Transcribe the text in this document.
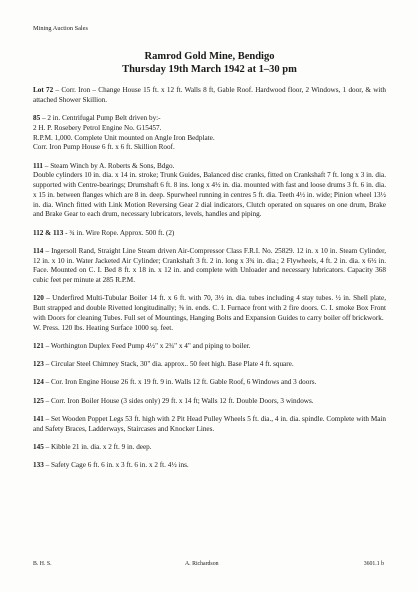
Mining Auction Sales
Ramrod Gold Mine, Bendigo
Thursday 19th March 1942 at 1–30 pm

Lot 72 – Corr. Iron – Change House 15 ft. x 12 ft. Walls 8 ft, Gable Roof. Hardwood floor, 2 Windows, 1 door, & with attached Shower Skillion.

85 – 2 in. Centrifugal Pump Belt driven by:-

2 H. P. Rosebery Petrol Engine No. G15457.

R.P.M. 1,000. Complete Unit mounted on Angle Iron Bedplate.

Corr. Iron Pump House 6 ft. x 6 ft. Skillion Roof.

111 – Steam Winch by A. Roberts & Sons, Bdgo.

Double cylinders 10 in. dia. x 14 in. stroke; Trunk Guides, Balanced disc cranks, fitted on Crankshaft 7 ft. long x 3 in. dia. supported with Centre-bearings; Drumshaft 6 ft. 8 ins. long x 4½ in. dia. mounted with fast and loose drums 3 ft. 6 in. dia. x 15 in. between flanges which are 8 in. deep. Spurwheel running in centres 5 ft. dia. Teeth 4½ in. wide; Pinion wheel 13½ in. dia. Winch fitted with Link Motion Reversing Gear 2 dial indicators, Clutch operated on squares on one drum, Brake and Brake Gear to each drum, necessary lubricators, levels, handles and piping.

112 & 113 - ¾ in. Wire Rope. Approx. 500 ft. (2)

114 – Ingersoll Rand, Straight Line Steam driven Air-Compressor Class F.R.I. No. 25829. 12 in. x 10 in. Steam Cylinder, 12 in. x 10 in. Water Jacketed Air Cylinder; Crankshaft 3 ft. 2 in. long x 3¾ in. dia.; 2 Flywheels, 4 ft. 2 in. dia. x 6½ in. Face. Mounted on C. I. Bed 8 ft. x 18 in. x 12 in. and complete with Unloader and necessary lubricators. Capacity 368 cubic feet per minute at 285 R.P.M.

120 – Underfired Multi-Tubular Boiler 14 ft. x 6 ft. with 70, 3½ in. dia. tubes including 4 stay tubes. ½ in. Shell plate, Butt strapped and double Rivetted longitudinally; ⅜ in. ends. C. I. Furnace front with 2 fire doors. C. I. smoke Box Front with Doors for cleaning Tubes. Full set of Mountings, Hanging Bolts and Expansion Guides to carry boiler off brickwork.

W. Press. 120 lbs. Heating Surface 1000 sq. feet.

121 – Worthington Duplex Feed Pump 4½" x 2¾" x 4" and piping to boiler.

123 – Circular Steel Chimney Stack, 30" dia. approx.. 50 feet high. Base Plate 4 ft. square.

124 – Cor. Iron Engine House 26 ft. x 19 ft. 9 in. Walls 12 ft. Gable Roof, 6 Windows and 3 doors.

125 – Corr. Iron Boiler House (3 sides only) 29 ft. x 14 ft; Walls 12 ft. Double Doors, 3 windows.

141 – Set Wooden Poppet Legs 53 ft. high with 2 Pit Head Pulley Wheels 5 ft. dia., 4 in. dia. spindle. Complete with Main and Safety Braces, Ladderways, Staircases and Knocker Lines.

145 – Kibble 21 in. dia. x 2 ft. 9 in. deep.

133 – Safety Cage 6 ft. 6 in. x 3 ft. 6 in. x 2 ft. 4½ ins.

B. H. S.	A. Richardson	3601.1 b
